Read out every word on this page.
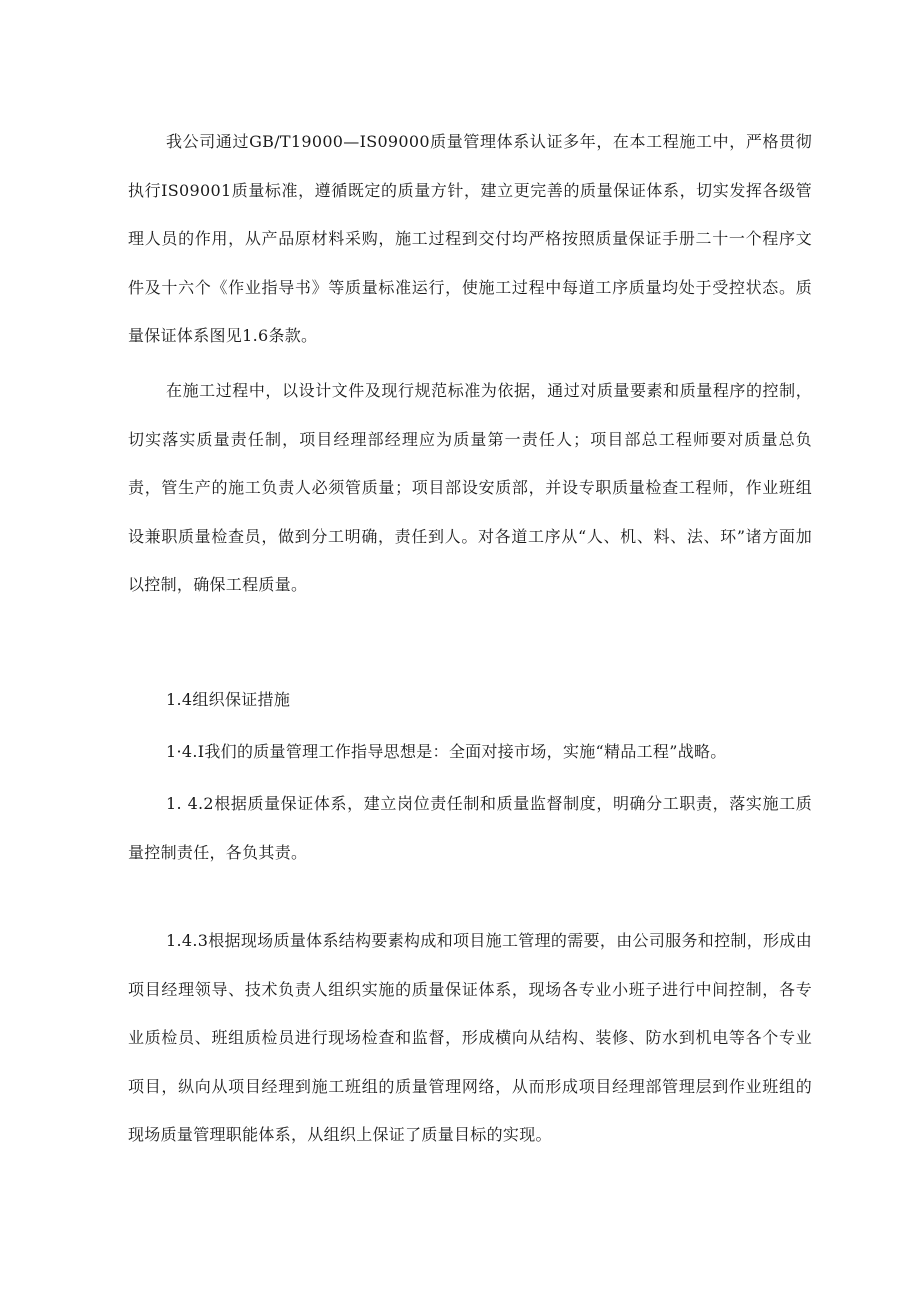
我公司通过GB/T19000—IS09000质量管理体系认证多年，在本工程施工中，严格贯彻执行IS09001质量标准，遵循既定的质量方针，建立更完善的质量保证体系，切实发挥各级管理人员的作用，从产品原材料采购，施工过程到交付均严格按照质量保证手册二十一个程序文件及十六个《作业指导书》等质量标准运行，使施工过程中每道工序质量均处于受控状态。质量保证体系图见1.6条款。

在施工过程中，以设计文件及现行规范标准为依据，通过对质量要素和质量程序的控制，切实落实质量责任制，项目经理部经理应为质量第一责任人；项目部总工程师要对质量总负责，管生产的施工负责人必须管质量；项目部设安质部，并设专职质量检查工程师，作业班组设兼职质量检查员，做到分工明确，责任到人。对各道工序从“人、机、料、法、环”诸方面加以控制，确保工程质量。

1.4组织保证措施

1·4.I我们的质量管理工作指导思想是：全面对接市场，实施“精品工程”战略。

1. 4.2根据质量保证体系，建立岗位责任制和质量监督制度，明确分工职责，落实施工质量控制责任，各负其责。

1.4.3根据现场质量体系结构要素构成和项目施工管理的需要，由公司服务和控制，形成由项目经理领导、技术负责人组织实施的质量保证体系，现场各专业小班子进行中间控制，各专业质检员、班组质检员进行现场检查和监督，形成横向从结构、装修、防水到机电等各个专业项目，纵向从项目经理到施工班组的质量管理网络，从而形成项目经理部管理层到作业班组的现场质量管理职能体系，从组织上保证了质量目标的实现。
